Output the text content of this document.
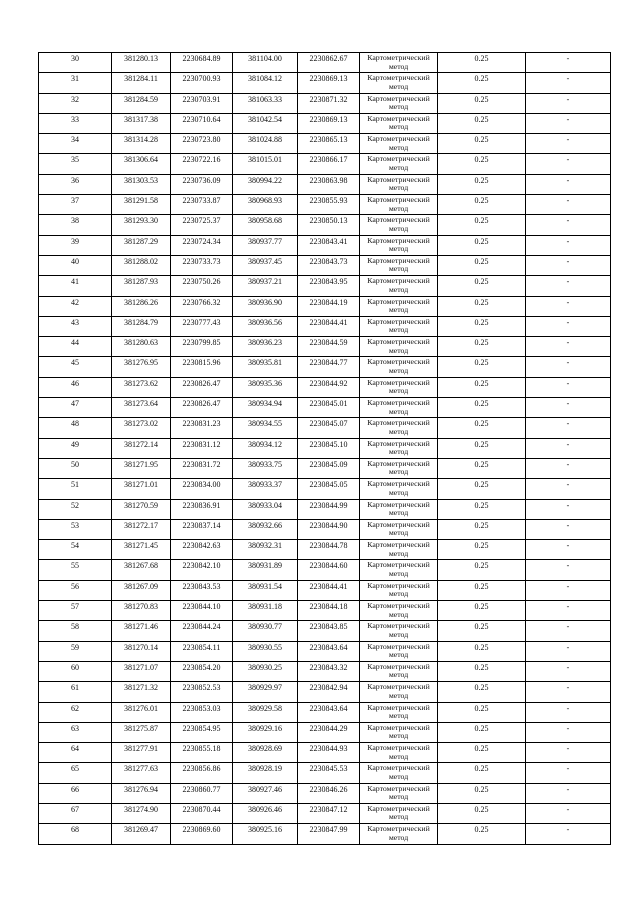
30	381280.13	2230684.89	381104.00	2230862.67	Картометрический метод	0.25	-

31	381284.11	2230700.93	381084.12	2230869.13	Картометрический метод	0.25	-

32	381284.59	2230703.91	381063.33	2230871.32	Картометрический метод	0.25	-

33	381317.38	2230710.64	381042.54	2230869.13	Картометрический метод	0.25	-

34	381314.28	2230723.80	381024.88	2230865.13	Картометрический метод	0.25	-

35	381306.64	2230722.16	381015.01	2230866.17	Картометрический метод	0.25	-

36	381303.53	2230736.09	380994.22	2230863.98	Картометрический метод	0.25	-

37	381291.58	2230733.87	380968.93	2230855.93	Картометрический метод	0.25	-

38	381293.30	2230725.37	380958.68	2230850.13	Картометрический метод	0.25	-

39	381287.29	2230724.34	380937.77	2230843.41	Картометрический метод	0.25	-

40	381288.02	2230733.73	380937.45	2230843.73	Картометрический метод	0.25	-

41	381287.93	2230750.26	380937.21	2230843.95	Картометрический метод	0.25	-

42	381286.26	2230766.32	380936.90	2230844.19	Картометрический метод	0.25	-

43	381284.79	2230777.43	380936.56	2230844.41	Картометрический метод	0.25	-

44	381280.63	2230799.85	380936.23	2230844.59	Картометрический метод	0.25	-

45	381276.95	2230815.96	380935.81	2230844.77	Картометрический метод	0.25	-

46	381273.62	2230826.47	380935.36	2230844.92	Картометрический метод	0.25	-

47	381273.64	2230826.47	380934.94	2230845.01	Картометрический метод	0.25	-

48	381273.02	2230831.23	380934.55	2230845.07	Картометрический метод	0.25	-

49	381272.14	2230831.12	380934.12	2230845.10	Картометрический метод	0.25	-

50	381271.95	2230831.72	380933.75	2230845.09	Картометрический метод	0.25	-

51	381271.01	2230834.00	380933.37	2230845.05	Картометрический метод	0.25	-

52	381270.59	2230836.91	380933.04	2230844.99	Картометрический метод	0.25	-

53	381272.17	2230837.14	380932.66	2230844.90	Картометрический метод	0.25	-

54	381271.45	2230842.63	380932.31	2230844.78	Картометрический метод	0.25	-

55	381267.68	2230842.10	380931.89	2230844.60	Картометрический метод	0.25	-

56	381267.09	2230843.53	380931.54	2230844.41	Картометрический метод	0.25	-

57	381270.83	2230844.10	380931.18	2230844.18	Картометрический метод	0.25	-

58	381271.46	2230844.24	380930.77	2230843.85	Картометрический метод	0.25	-

59	381270.14	2230854.11	380930.55	2230843.64	Картометрический метод	0.25	-

60	381271.07	2230854.20	380930.25	2230843.32	Картометрический метод	0.25	-

61	381271.32	2230852.53	380929.97	2230842.94	Картометрический метод	0.25	-

62	381276.01	2230853.03	380929.58	2230843.64	Картометрический метод	0.25	-

63	381275.87	2230854.95	380929.16	2230844.29	Картометрический метод	0.25	-

64	381277.91	2230855.18	380928.69	2230844.93	Картометрический метод	0.25	-

65	381277.63	2230856.86	380928.19	2230845.53	Картометрический метод	0.25	-

66	381276.94	2230860.77	380927.46	2230846.26	Картометрический метод	0.25	-

67	381274.90	2230870.44	380926.46	2230847.12	Картометрический метод	0.25	-

68	381269.47	2230869.60	380925.16	2230847.99	Картометрический метод	0.25	-
